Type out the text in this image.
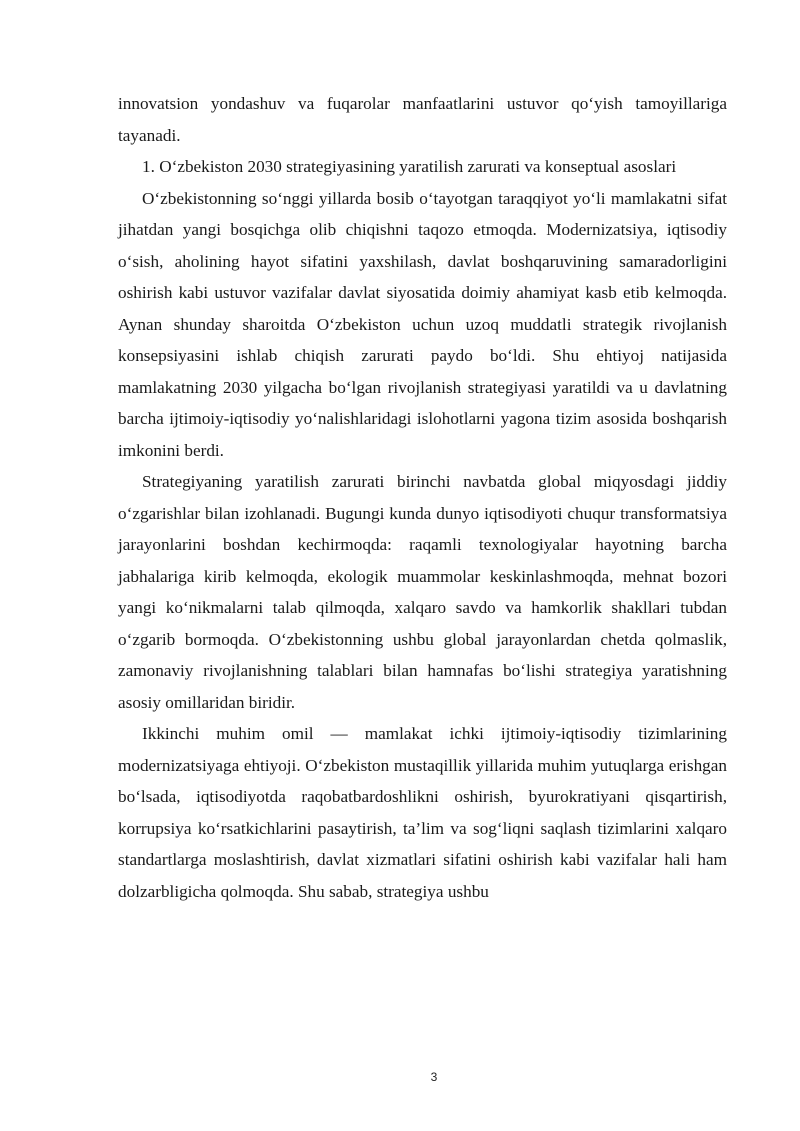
innovatsion yondashuv va fuqarolar manfaatlarini ustuvor qo‘yish tamoyillariga tayanadi.

1. O‘zbekiston 2030 strategiyasining yaratilish zarurati va konseptual asoslari

O‘zbekistonning so‘nggi yillarda bosib o‘tayotgan taraqqiyot yo‘li mamlakatni sifat jihatdan yangi bosqichga olib chiqishni taqozo etmoqda. Modernizatsiya, iqtisodiy o‘sish, aholining hayot sifatini yaxshilash, davlat boshqaruvining samaradorligini oshirish kabi ustuvor vazifalar davlat siyosatida doimiy ahamiyat kasb etib kelmoqda. Aynan shunday sharoitda O‘zbekiston uchun uzoq muddatli strategik rivojlanish konsepsiyasini ishlab chiqish zarurati paydo bo‘ldi. Shu ehtiyoj natijasida mamlakatning 2030 yilgacha bo‘lgan rivojlanish strategiyasi yaratildi va u davlatning barcha ijtimoiy-iqtisodiy yo‘nalishlaridagi islohotlarni yagona tizim asosida boshqarish imkonini berdi.

Strategiyaning yaratilish zarurati birinchi navbatda global miqyosdagi jiddiy o‘zgarishlar bilan izohlanadi. Bugungi kunda dunyo iqtisodiyoti chuqur transformatsiya jarayonlarini boshdan kechirmoqda: raqamli texnologiyalar hayotning barcha jabhalariga kirib kelmoqda, ekologik muammolar keskinlashmoqda, mehnat bozori yangi ko‘nikmalarni talab qilmoqda, xalqaro savdo va hamkorlik shakllari tubdan o‘zgarib bormoqda. O‘zbekistonning ushbu global jarayonlardan chetda qolmaslik, zamonaviy rivojlanishning talablari bilan hamnafas bo‘lishi strategiya yaratishning asosiy omillaridan biridir.

Ikkinchi muhim omil — mamlakat ichki ijtimoiy-iqtisodiy tizimlarining modernizatsiyaga ehtiyoji. O‘zbekiston mustaqillik yillarida muhim yutuqlarga erishgan bo‘lsada, iqtisodiyotda raqobatbardoshlikni oshirish, byurokratiyani qisqartirish, korrupsiya ko‘rsatkichlarini pasaytirish, ta’lim va sog‘liqni saqlash tizimlarini xalqaro standartlarga moslashtirish, davlat xizmatlari sifatini oshirish kabi vazifalar hali ham dolzarbligicha qolmoqda. Shu sabab, strategiya ushbu

3
